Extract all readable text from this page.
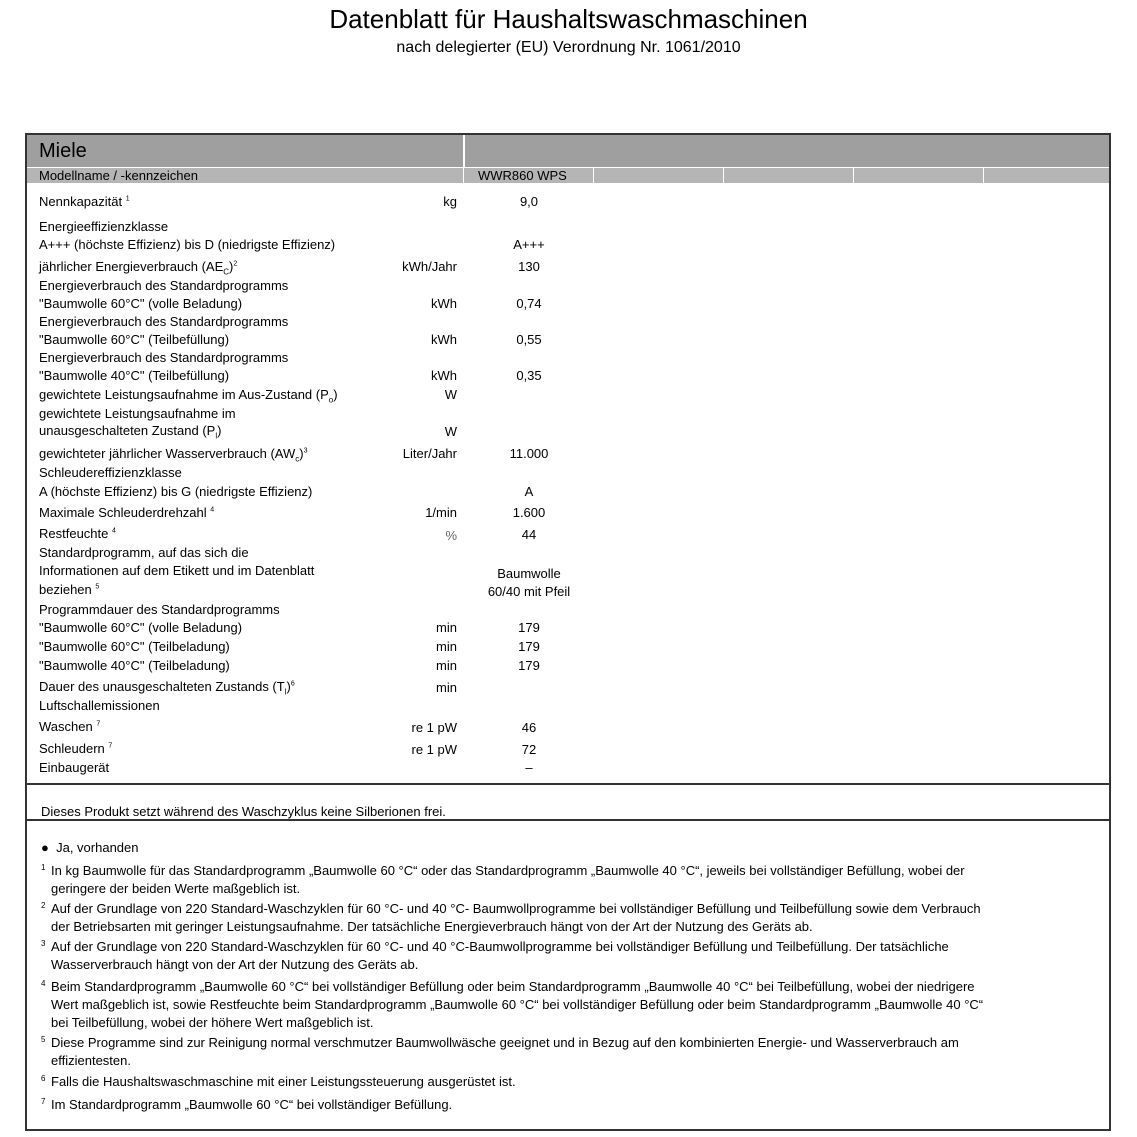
Datenblatt für Haushaltswaschmaschinen
nach delegierter (EU) Verordnung Nr. 1061/2010
Miele
Modellname / -kennzeichen	WWR860 WPS
Nennkapazität $^1$	kg	9,0
Energieeffizienzklasse
A+++ (höchste Effizienz) bis D (niedrigste Effizienz)	A+++
jährlicher Energieverbrauch $(AE_C)^2$	kWh/Jahr	130
Energieverbrauch des Standardprogramms
"Baumwolle 60°C" (volle Beladung)	kWh	0,74
Energieverbrauch des Standardprogramms
"Baumwolle 60°C" (Teilbefüllung)	kWh	0,55
Energieverbrauch des Standardprogramms
"Baumwolle 40°C" (Teilbefüllung)	kWh	0,35
gewichtete Leistungsaufnahme im Aus-Zustand $(P_o)$	W
gewichtete Leistungsaufnahme im
unausgeschalteten Zustand $(P_l)$	W
gewichteter jährlicher Wasserverbrauch $(AW_c)^3$	Liter/Jahr	11.000
Schleudereffizienzklasse
A (höchste Effizienz) bis G (niedrigste Effizienz)	A
Maximale Schleuderdrehzahl $^4$	1/min	1.600
Restfeuchte $^4$	%	44
Standardprogramm, auf das sich die
Informationen auf dem Etikett und im Datenblatt
beziehen $^5$
Baumwolle
60/40 mit Pfeil
Programmdauer des Standardprogramms
"Baumwolle 60°C" (volle Beladung)	min	179
"Baumwolle 60°C" (Teilbeladung)	min	179
"Baumwolle 40°C" (Teilbeladung)	min	179
Dauer des unausgeschalteten Zustands $(T_l)^6$	min
Luftschallemissionen
Waschen $^7$	re 1 pW	46
Schleudern $^7$	re 1 pW	72
Einbaugerät	–
Dieses Produkt setzt während des Waschzyklus keine Silberionen frei.
● Ja, vorhanden
1 In kg Baumwolle für das Standardprogramm „Baumwolle 60 °C“ oder das Standardprogramm „Baumwolle 40 °C“, jeweils bei vollständiger Befüllung, wobei der
geringere der beiden Werte maßgeblich ist.
2 Auf der Grundlage von 220 Standard-Waschzyklen für 60 °C- und 40 °C- Baumwollprogramme bei vollständiger Befüllung und Teilbefüllung sowie dem Verbrauch
der Betriebsarten mit geringer Leistungsaufnahme. Der tatsächliche Energieverbrauch hängt von der Art der Nutzung des Geräts ab.
3 Auf der Grundlage von 220 Standard-Waschzyklen für 60 °C- und 40 °C-Baumwollprogramme bei vollständiger Befüllung und Teilbefüllung. Der tatsächliche
Wasserverbrauch hängt von der Art der Nutzung des Geräts ab.
4 Beim Standardprogramm „Baumwolle 60 °C“ bei vollständiger Befüllung oder beim Standardprogramm „Baumwolle 40 °C“ bei Teilbefüllung, wobei der niedrigere
Wert maßgeblich ist, sowie Restfeuchte beim Standardprogramm „Baumwolle 60 °C“ bei vollständiger Befüllung oder beim Standardprogramm „Baumwolle 40 °C“
bei Teilbefüllung, wobei der höhere Wert maßgeblich ist.
5 Diese Programme sind zur Reinigung normal verschmutzer Baumwollwäsche geeignet und in Bezug auf den kombinierten Energie- und Wasserverbrauch am
effizientesten.
6 Falls die Haushaltswaschmaschine mit einer Leistungssteuerung ausgerüstet ist.
7 Im Standardprogramm „Baumwolle 60 °C“ bei vollständiger Befüllung.
